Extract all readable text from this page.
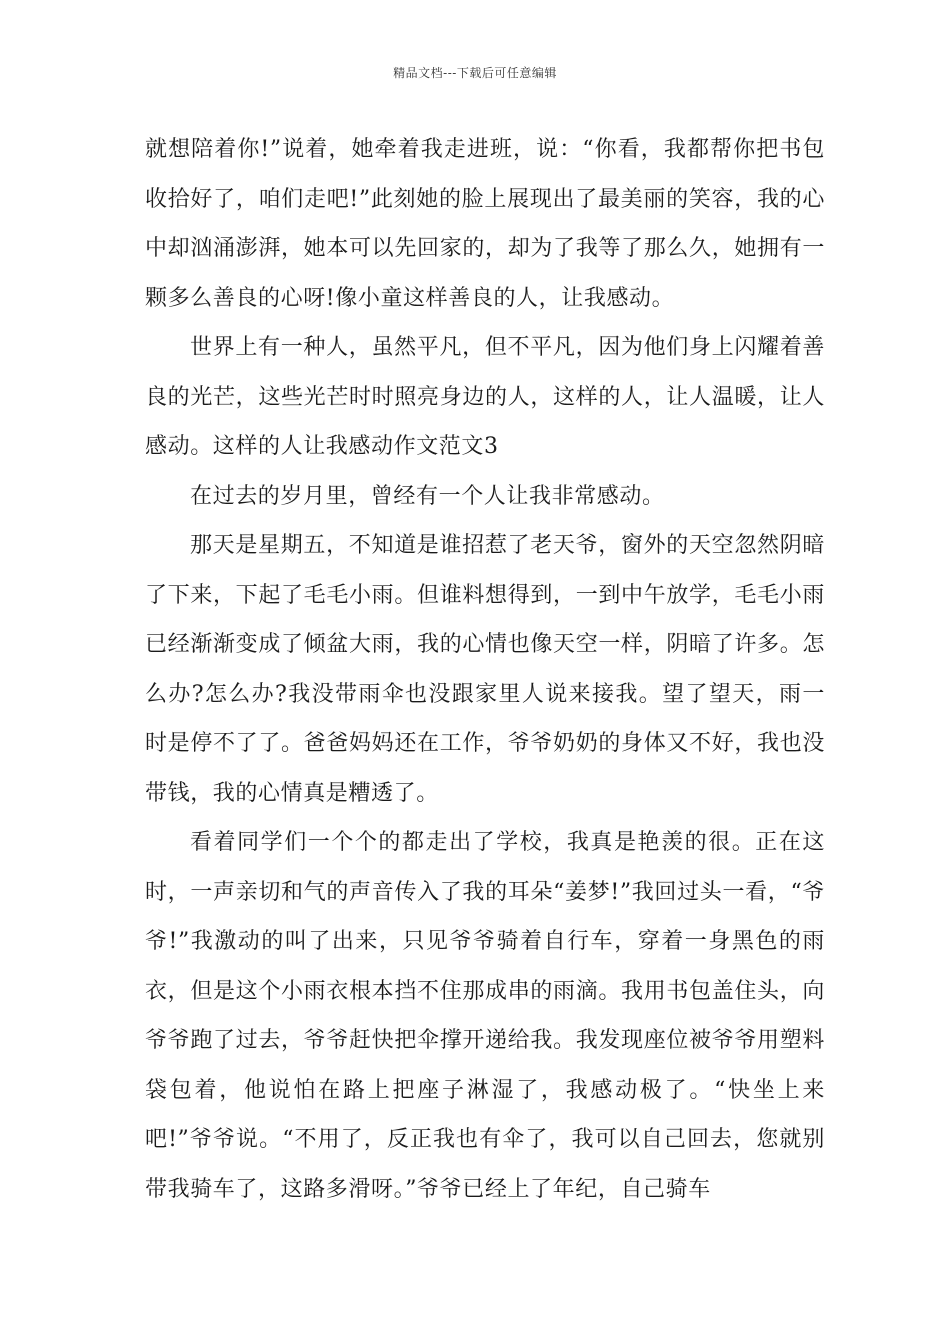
精品文档---下载后可任意编辑

就想陪着你!”说着，她牵着我走进班，说：“你看，我都帮你把书包收拾好了，咱们走吧!”此刻她的脸上展现出了最美丽的笑容，我的心中却汹涌澎湃，她本可以先回家的，却为了我等了那么久，她拥有一颗多么善良的心呀!像小童这样善良的人，让我感动。

世界上有一种人，虽然平凡，但不平凡，因为他们身上闪耀着善良的光芒，这些光芒时时照亮身边的人，这样的人，让人温暖，让人感动。这样的人让我感动作文范文3

在过去的岁月里，曾经有一个人让我非常感动。

那天是星期五，不知道是谁招惹了老天爷，窗外的天空忽然阴暗了下来，下起了毛毛小雨。但谁料想得到，一到中午放学，毛毛小雨已经渐渐变成了倾盆大雨，我的心情也像天空一样，阴暗了许多。怎么办?怎么办?我没带雨伞也没跟家里人说来接我。望了望天，雨一时是停不了了。爸爸妈妈还在工作，爷爷奶奶的身体又不好，我也没带钱，我的心情真是糟透了。

看着同学们一个个的都走出了学校，我真是艳羡的很。正在这时，一声亲切和气的声音传入了我的耳朵“姜梦!”我回过头一看，“爷爷!”我激动的叫了出来，只见爷爷骑着自行车，穿着一身黑色的雨衣，但是这个小雨衣根本挡不住那成串的雨滴。我用书包盖住头，向爷爷跑了过去，爷爷赶快把伞撑开递给我。我发现座位被爷爷用塑料袋包着，他说怕在路上把座子淋湿了，我感动极了。“快坐上来吧!”爷爷说。“不用了，反正我也有伞了，我可以自己回去，您就别带我骑车了，这路多滑呀。”爷爷已经上了年纪，自己骑车
